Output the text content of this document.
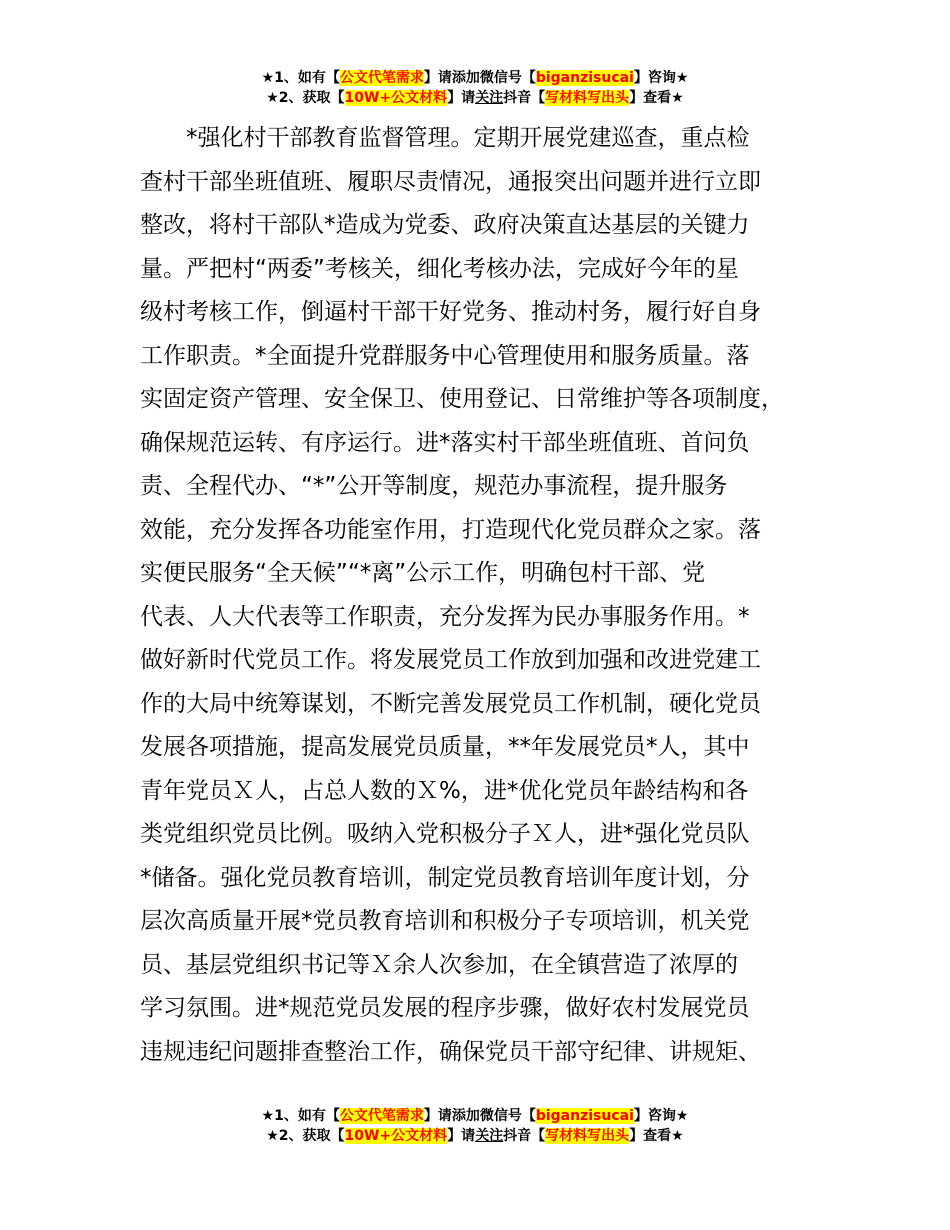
★1、如有【公文代笔需求】请添加微信号【biganzisucai】咨询★
★2、获取【10W+公文材料】请关注抖音【写材料写出头】查看★
*强化村干部教育监督管理。定期开展党建巡查，重点检
查村干部坐班值班、履职尽责情况，通报突出问题并进行立即
整改，将村干部队*造成为党委、政府决策直达基层的关键力
量。严把村“两委”考核关，细化考核办法，完成好今年的星
级村考核工作，倒逼村干部干好党务、推动村务，履行好自身
工作职责。*全面提升党群服务中心管理使用和服务质量。落
实固定资产管理、安全保卫、使用登记、日常维护等各项制度，
确保规范运转、有序运行。进*落实村干部坐班值班、首问负
责、全程代办、“*”公开等制度，规范办事流程，提升服务
效能，充分发挥各功能室作用，打造现代化党员群众之家。落
实便民服务“全天候”“*离”公示工作，明确包村干部、党
代表、人大代表等工作职责，充分发挥为民办事服务作用。*
做好新时代党员工作。将发展党员工作放到加强和改进党建工
作的大局中统筹谋划，不断完善发展党员工作机制，硬化党员
发展各项措施，提高发展党员质量，**年发展党员*人，其中
青年党员Ｘ人，占总人数的Ｘ%，进*优化党员年龄结构和各
类党组织党员比例。吸纳入党积极分子Ｘ人，进*强化党员队
*储备。强化党员教育培训，制定党员教育培训年度计划，分
层次高质量开展*党员教育培训和积极分子专项培训，机关党
员、基层党组织书记等Ｘ余人次参加，在全镇营造了浓厚的
学习氛围。进*规范党员发展的程序步骤，做好农村发展党员
违规违纪问题排查整治工作，确保党员干部守纪律、讲规矩、
★1、如有【公文代笔需求】请添加微信号【biganzisucai】咨询★
★2、获取【10W+公文材料】请关注抖音【写材料写出头】查看★
